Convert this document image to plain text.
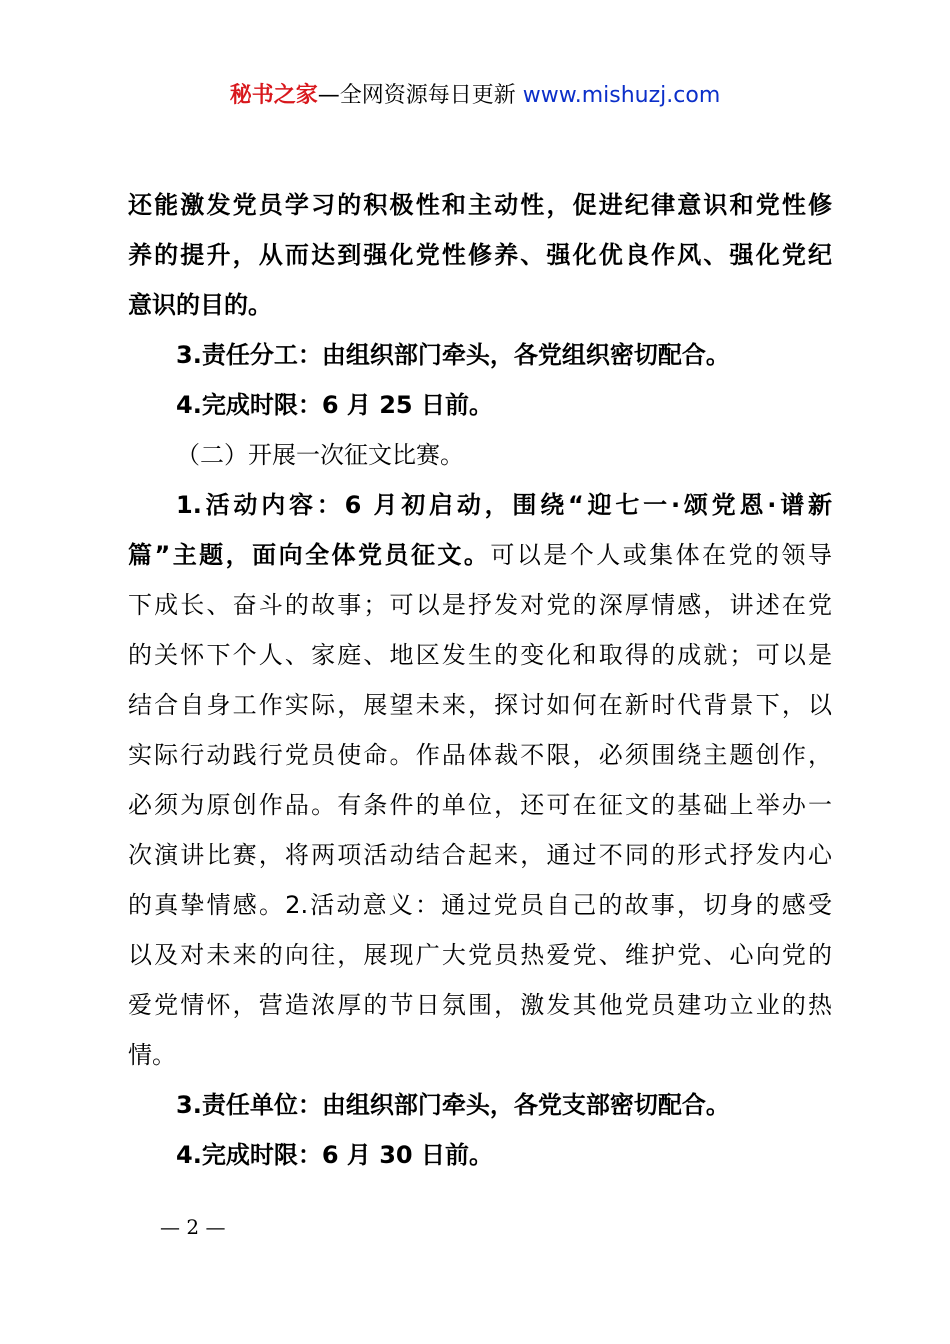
秘书之家—全网资源每日更新 www.mishuzj.com
还能激发党员学习的积极性和主动性，促进纪律意识和党性修
养的提升，从而达到强化党性修养、强化优良作风、强化党纪
意识的目的。
3.责任分工：由组织部门牵头，各党组织密切配合。
4.完成时限：6 月 25 日前。
（二）开展一次征文比赛。
1.活动内容：6 月初启动，围绕“迎七一·颂党恩·谱新
篇”主题，面向全体党员征文。可以是个人或集体在党的领导
下成长、奋斗的故事；可以是抒发对党的深厚情感，讲述在党
的关怀下个人、家庭、地区发生的变化和取得的成就；可以是
结合自身工作实际，展望未来，探讨如何在新时代背景下，以
实际行动践行党员使命。作品体裁不限，必须围绕主题创作，
必须为原创作品。有条件的单位，还可在征文的基础上举办一
次演讲比赛，将两项活动结合起来，通过不同的形式抒发内心
的真挚情感。2.活动意义：通过党员自己的故事，切身的感受
以及对未来的向往，展现广大党员热爱党、维护党、心向党的
爱党情怀，营造浓厚的节日氛围，激发其他党员建功立业的热
情。
3.责任单位：由组织部门牵头，各党支部密切配合。
4.完成时限：6 月 30 日前。
— 2 —
